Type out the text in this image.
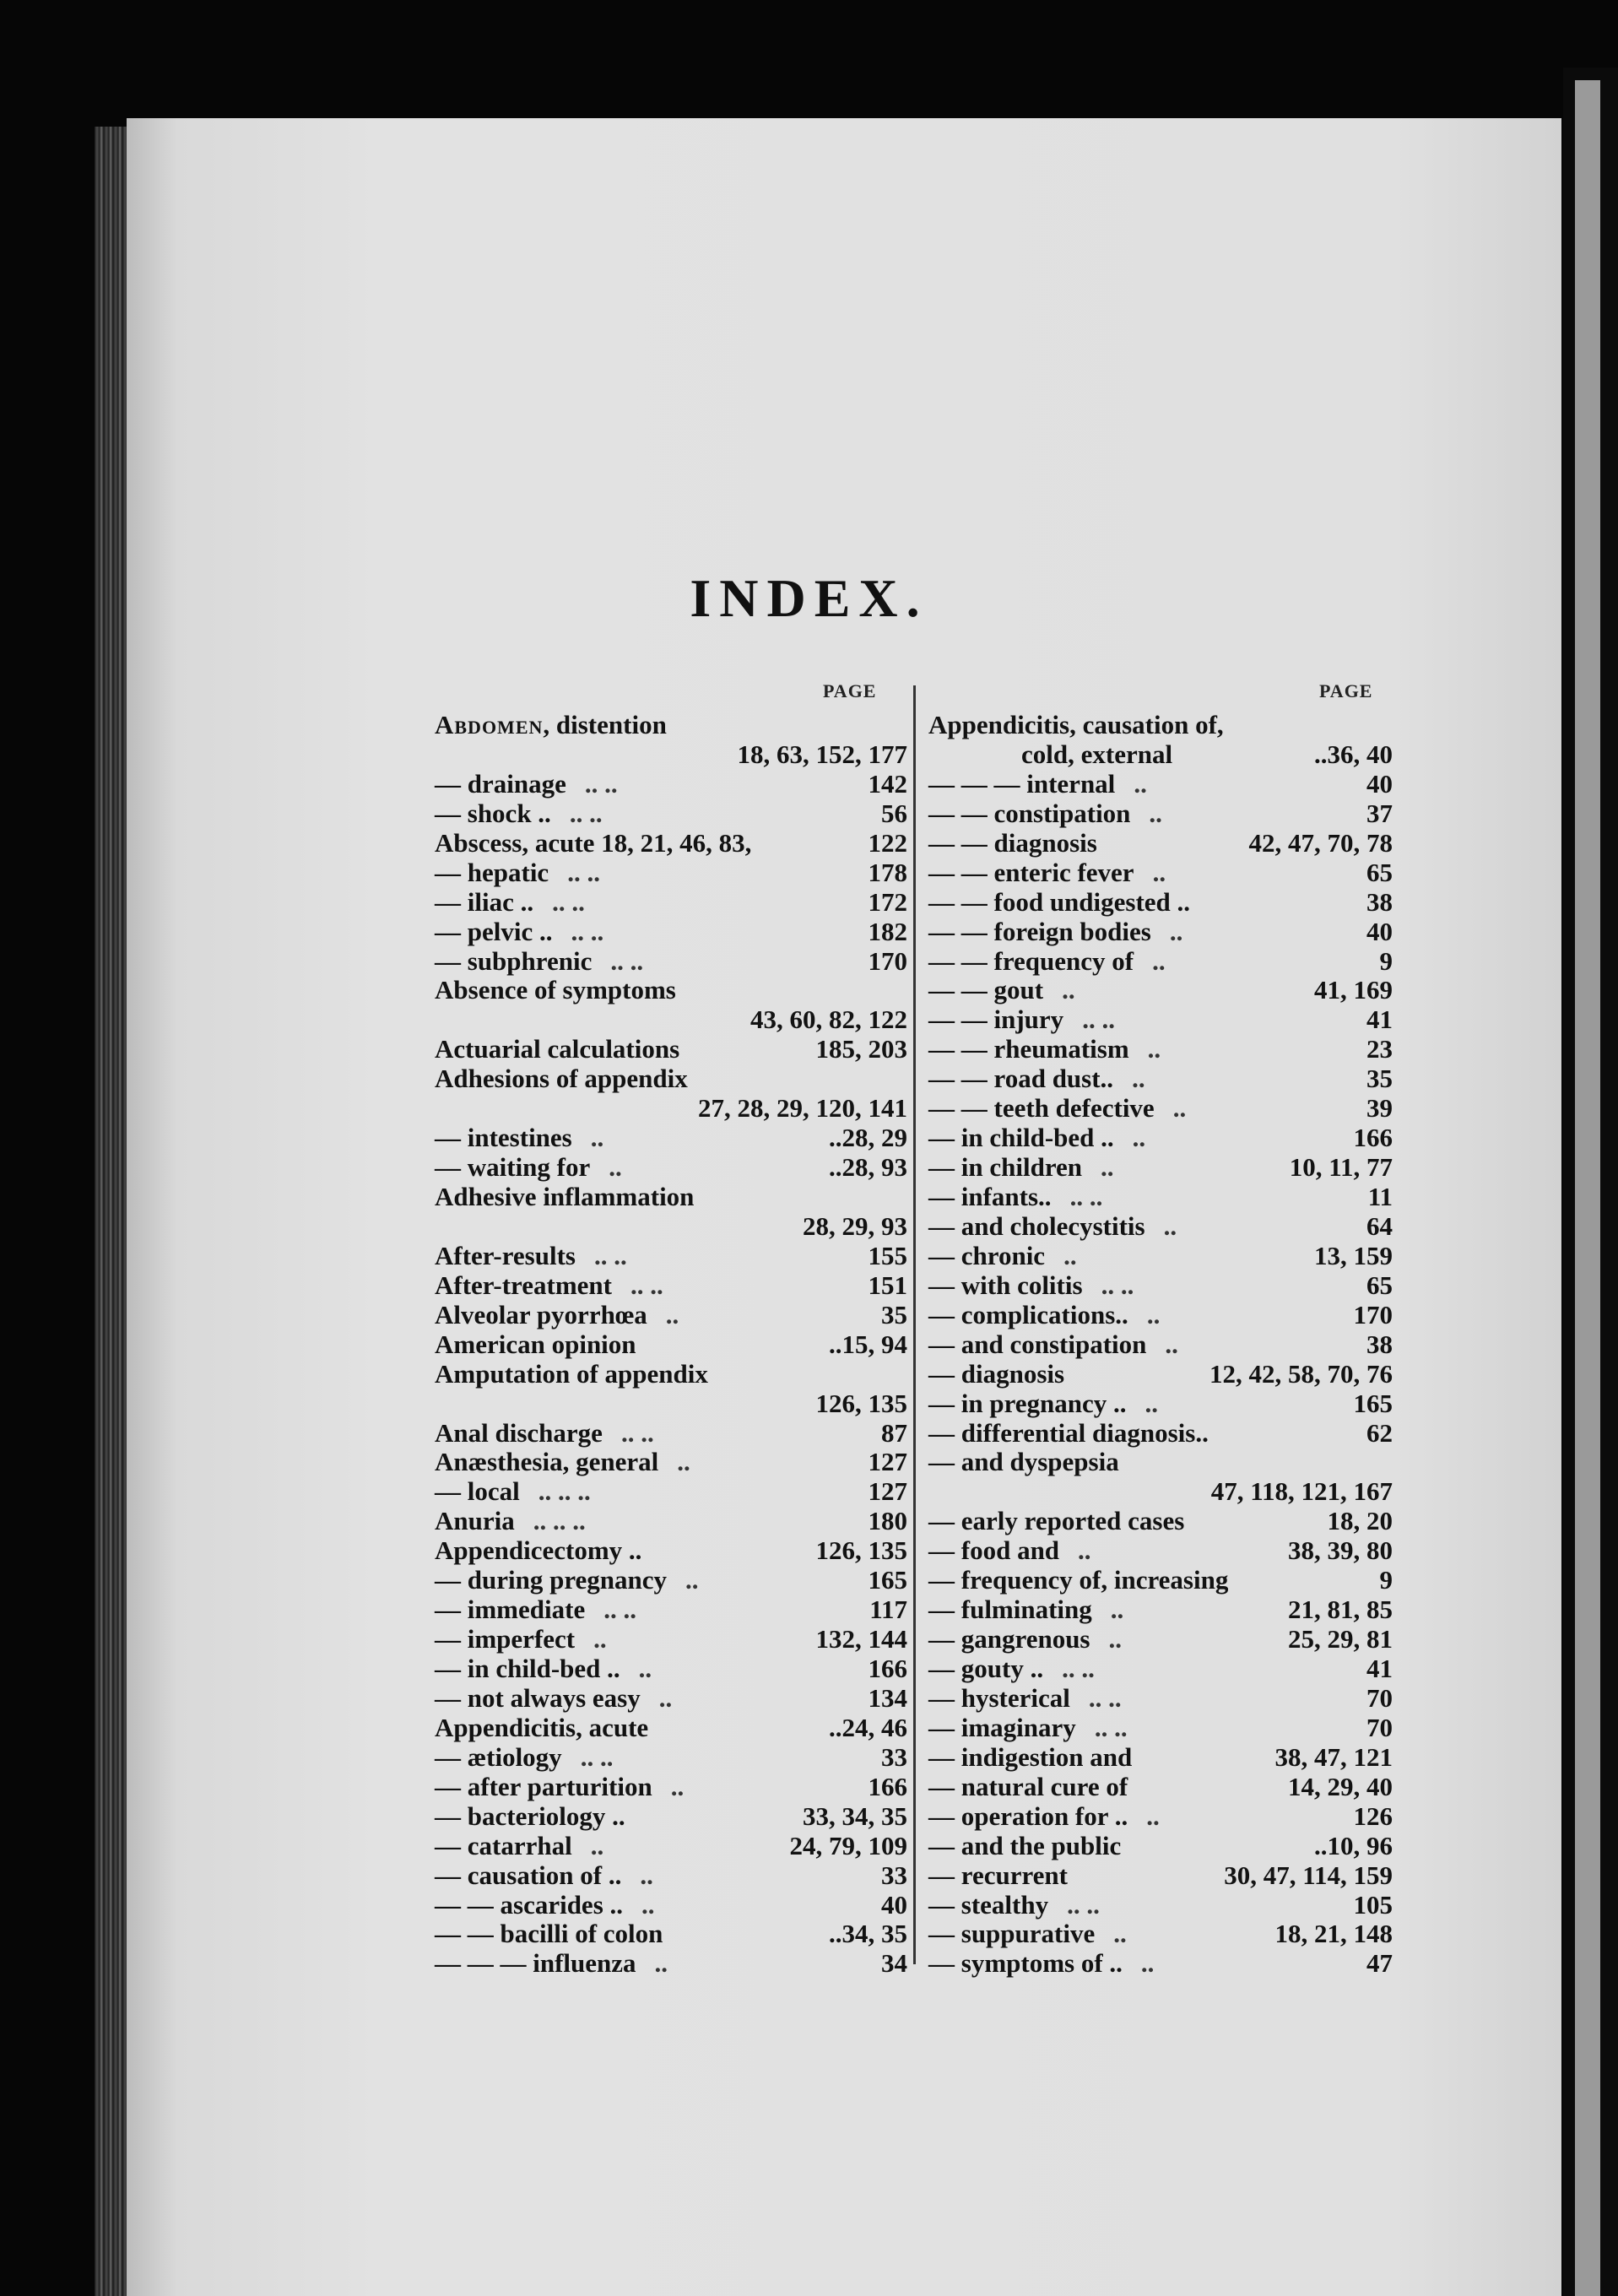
INDEX.
PAGE	PAGE
Abdomen, distention
18, 63, 152, 177
— drainage .. ..	142
— shock .. .. ..	56
Abscess, acute 18, 21, 46, 83,	122
— hepatic .. ..	178
— iliac .. .. ..	172
— pelvic .. .. ..	182
— subphrenic .. ..	170
Absence of symptoms
43, 60, 82, 122
Actuarial calculations	185, 203
Adhesions of appendix
27, 28, 29, 120, 141
— intestines ..	..28, 29
— waiting for ..	..28, 93
Adhesive inflammation
28, 29, 93
After-results .. ..	155
After-treatment .. ..	151
Alveolar pyorrhœa ..	35
American opinion	..15, 94
Amputation of appendix
126, 135
Anal discharge .. ..	87
Anæsthesia, general ..	127
— local .. .. ..	127
Anuria .. .. ..	180
Appendicectomy ..	126, 135
— during pregnancy ..	165
— immediate .. ..	117
— imperfect ..	132, 144
— in child-bed .. ..	166
— not always easy ..	134
Appendicitis, acute	..24, 46
— ætiology .. ..	33
— after parturition ..	166
— bacteriology ..	33, 34, 35
— catarrhal ..	24, 79, 109
— causation of .. ..	33
— — ascarides .. ..	40
— — bacilli of colon	..34, 35
— — — influenza ..	34
Appendicitis, causation of,
cold, external	..36, 40
— — — internal ..	40
— — constipation ..	37
— — diagnosis	42, 47, 70, 78
— — enteric fever ..	65
— — food undigested ..	38
— — foreign bodies ..	40
— — frequency of ..	9
— — gout ..	41, 169
— — injury .. ..	41
— — rheumatism ..	23
— — road dust.. ..	35
— — teeth defective ..	39
— in child-bed .. ..	166
— in children ..	10, 11, 77
— infants.. .. ..	11
— and cholecystitis ..	64
— chronic ..	13, 159
— with colitis .. ..	65
— complications.. ..	170
— and constipation ..	38
— diagnosis	12, 42, 58, 70, 76
— in pregnancy .. ..	165
— differential diagnosis..	62
— and dyspepsia
47, 118, 121, 167
— early reported cases	18, 20
— food and ..	38, 39, 80
— frequency of, increasing	9
— fulminating ..	21, 81, 85
— gangrenous ..	25, 29, 81
— gouty .. .. ..	41
— hysterical .. ..	70
— imaginary .. ..	70
— indigestion and	38, 47, 121
— natural cure of	14, 29, 40
— operation for .. ..	126
— and the public	..10, 96
— recurrent	30, 47, 114, 159
— stealthy .. ..	105
— suppurative ..	18, 21, 148
— symptoms of .. ..	47
